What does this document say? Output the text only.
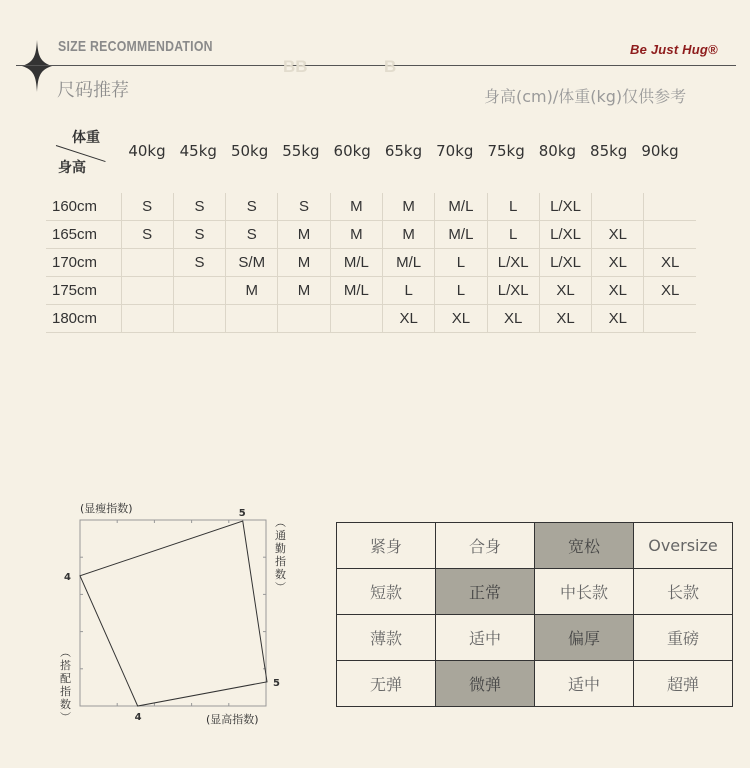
SIZE RECOMMENDATION
尺码推荐
BB	B
Be Just Hug®
身高(cm)/体重(kg)仅供参考
体重
身高
40kg 45kg 50kg 55kg 60kg 65kg 70kg 75kg 80kg 85kg 90kg
160cm	S	S	S	S	M	M	M/L	L	L/XL		
165cm	S	S	S	M	M	M	M/L	L	L/XL	XL	
170cm		S	S/M	M	M/L	M/L	L	L/XL	L/XL	XL	XL
175cm			M	M	M/L	L	L	L/XL	XL	XL	XL
180cm						XL	XL	XL	XL	XL	
(显瘦指数)	5
4
4
5
(显高指数)
︵
通
勤
指
数
︶
︵
搭
配
指
数
︶
紧身	合身	宽松	Oversize
短款	正常	中长款	长款
薄款	适中	偏厚	重磅
无弹	微弹	适中	超弹
